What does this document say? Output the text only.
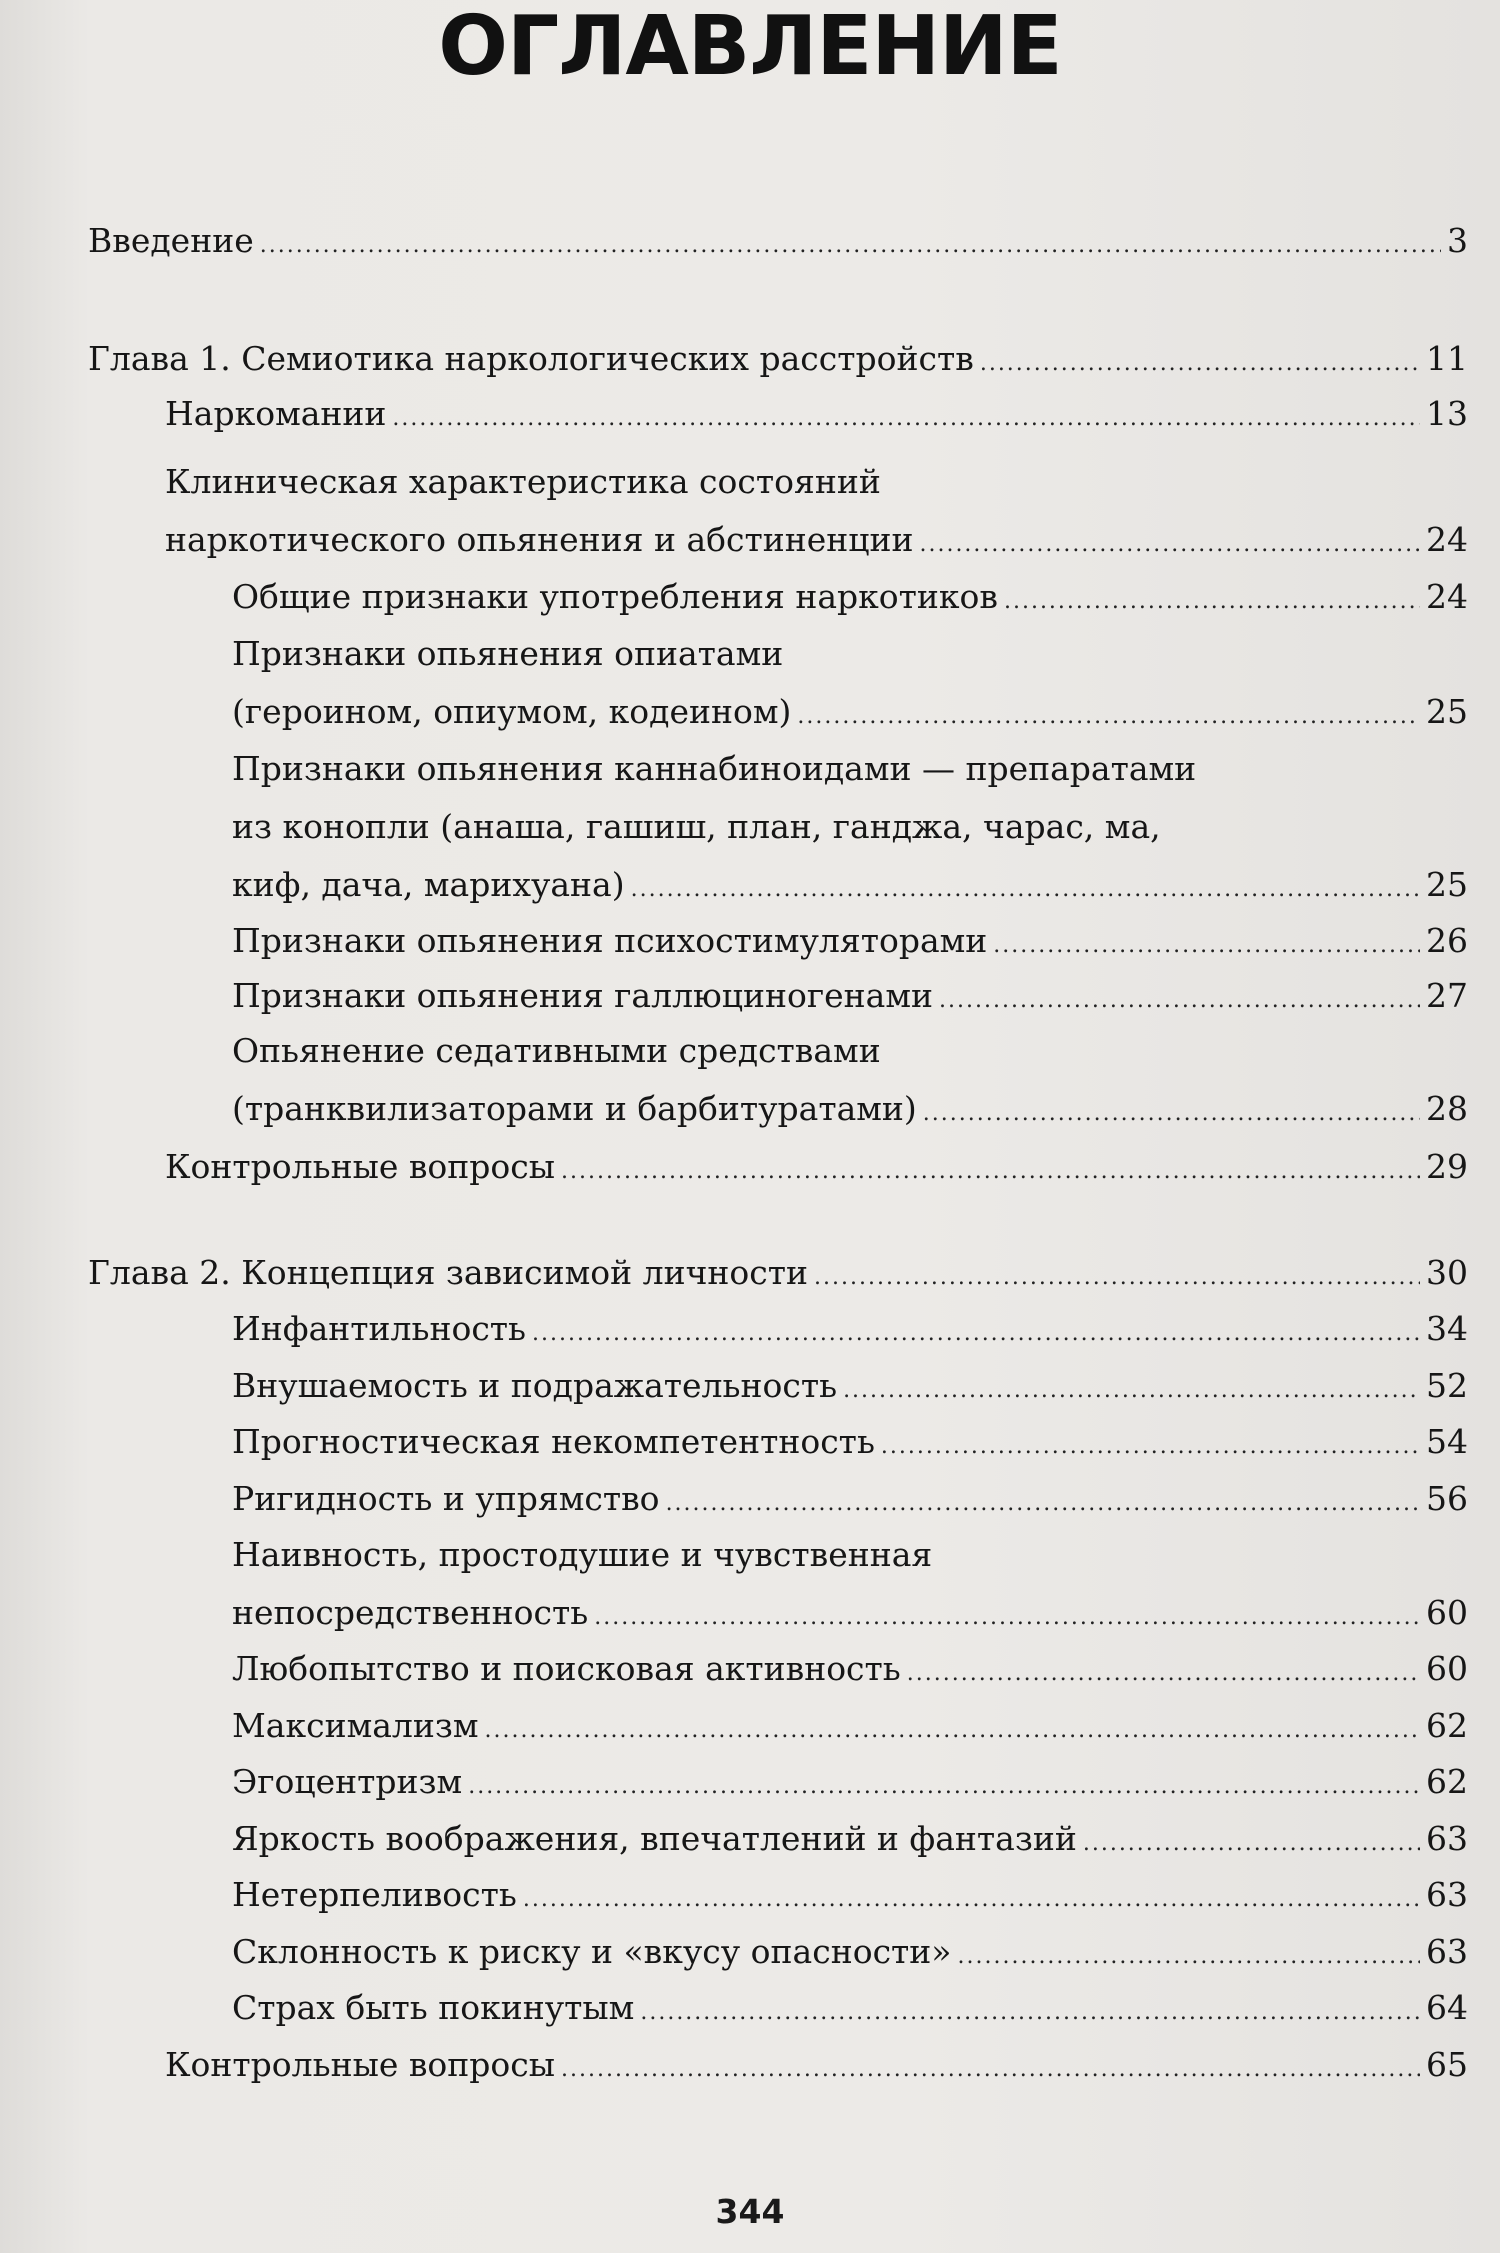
ОГЛАВЛЕНИЕ
Введение .....	3
Глава 1. Семиотика наркологических расстройств .....	11
Наркомании .....	13
Клиническая характеристика состояний
наркотического опьянения и абстиненции .....	24
Общие признаки употребления наркотиков .....	24
Признаки опьянения опиатами
(героином, опиумом, кодеином) .....	25
Признаки опьянения каннабиноидами — препаратами
из конопли (анаша, гашиш, план, ганджа, чарас, ма,
киф, дача, марихуана) .....	25
Признаки опьянения психостимуляторами .....	26
Признаки опьянения галлюциногенами .....	27
Опьянение седативными средствами
(транквилизаторами и барбитуратами) .....	28
Контрольные вопросы .....	29
Глава 2. Концепция зависимой личности .....	30
Инфантильность .....	34
Внушаемость и подражательность .....	52
Прогностическая некомпетентноcть .....	54
Ригидность и упрямство .....	56
Наивность, простодушие и чувственная
непосредственность .....	60
Любопытство и поисковая активность .....	60
Максимализм .....	62
Эгоцентризм .....	62
Яркость воображения, впечатлений и фантазий .....	63
Нетерпеливость .....	63
Склонность к риску и «вкусу опасности» .....	63
Страх быть покинутым .....	64
Контрольные вопросы .....	65
344
